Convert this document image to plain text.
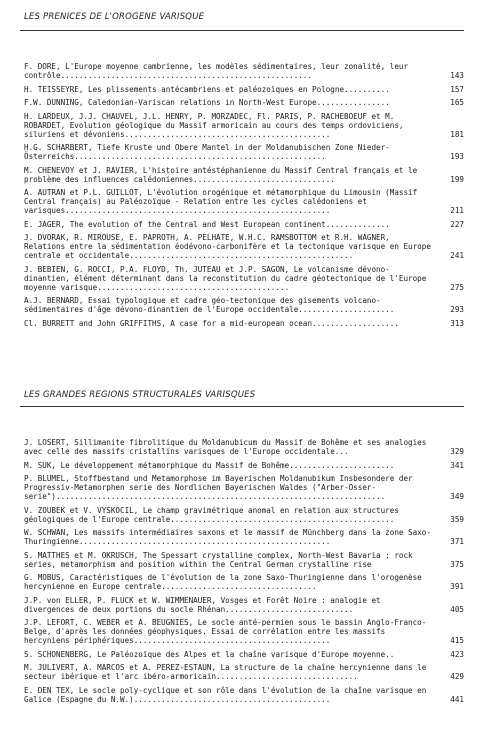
LES PRENICES DE L'OROGENE VARISQUE
F. DORE, L'Europe moyenne cambrienne, les modèles sédimentaires, leur zonalité, leur contrôle.......................................................	143
H. TEISSEYRE, Les plissements antécambriens et paléozoïques en Pologne..........	157
F.W. DUNNING, Caledonian-Variscan relations in North-West Europe................	165
H. LARDEUX, J.J. CHAUVEL, J.L. HENRY, P. MORZADEC, Fl. PARIS, P. RACHEBOEUF et M. ROBARDET, Evolution géologique du Massif armoricain au cours des temps ordoviciens, siluriens et dévoniens.............................................	181
H.G. SCHARBERT, Tiefe Kruste und Obere Mantel in der Moldanubischen Zone Nieder-Österreichs.......................................................	193
M. CHENEVOY et J. RAVIER, L'histoire antéstéphanienne du Massif Central français et le problème des influences calédoniennes...............................	199
A. AUTRAN et P.L. GUILLOT, L'évolution orogénique et métamorphique du Limousin (Massif Central français) au Paléozoïque - Relation entre les cycles calédoniens et varisques..........................................................	211
E. JAGER, The evolution of the Central and West European continent..............	227
J. DVORAK, R. MIROUSE, E. PAPROTH, A. PELHATE, W.H.C. RAMSBOTTOM et R.H. WAGNER, Relations entre la sédimentation éodévono-carbonifère et la tectonique varisque en Europe centrale et occidentale.................................................	241
J. BEBIEN, G. ROCCI, P.A. FLOYD, Th. JUTEAU et J.P. SAGON, Le volcanisme dévono-dinantien, élément déterminant dans la reconstitution du cadre géotectonique de l'Europe moyenne varisque..........................................	275
A.J. BERNARD, Essai typologique et cadre géo-tectonique des gisements volcano-sédimentaires d'âge dévono-dinantien de l'Europe occidentale.....................	293
Cl. BURRETT and John GRIFFITHS, A case for a mid-european ocean...................	313
LES GRANDES REGIONS STRUCTURALES VARISQUES
J. LOSERT, Sillimanite fibrolitique du Moldanubicum du Massif de Bohême et ses analogies avec celle des massifs cristallins varisques de l'Europe occidentale...	329
M. SUK, Le développement métamorphique du Massif de Bohême.......................	341
P. BLUMEL, Stoffbestand und Metamorphose im Bayerischen Moldanubikum Insbesondere der Progressiv-Metamorphen serie des Nordlichen Bayerischen Waldes ("Arber-Osser-serie")........................................................................	349
V. ZOUBEK et V. VYSKOCIL, Le champ gravimétrique anomal en relation aux structures géologiques de l'Europe centrale.................................................	359
W. SCHWAN, Les massifs intermédiaires saxons et le massif de Münchberg dans la zone Saxo-Thuringienne.......................................................	371
S. MATTHES et M. OKRUSCH, The Spessart crystalline complex, North-West Bavaria ; rock series, metamorphism and position within the Central German crystalline rise	375
G. MOBUS, Caractéristiques de l'évolution de la zone Saxo-Thuringienne dans l'orogenèse hercynienne en Europe centrale..................................	391
J.P. von ELLER, P. FLUCK et W. WIMMENAUER, Vosges et Forêt Noire : analogie et divergences de deux portions du socle Rhénan............................	405
J.P. LEFORT, C. WEBER et A. BEUGNIES, Le socle anté-permien sous le bassin Anglo-Franco-Belge, d'après les données géophysiques. Essai de corrélation entre les massifs hercyniens périphériques...........................................	415
S. SCHONENBERG, Le Paléozoïque des Alpes et la chaîne varisque d'Europe moyenne..	423
M. JULIVERT, A. MARCOS et A. PEREZ-ESTAUN, La structure de la chaîne hercynienne dans le secteur ibérique et l'arc ibéro-armoricain...............................	429
E. DEN TEX, Le socle poly-cyclique et son rôle dans l'évolution de la chaîne varisque en Galice (Espagne du N.W.)...........................................	441
